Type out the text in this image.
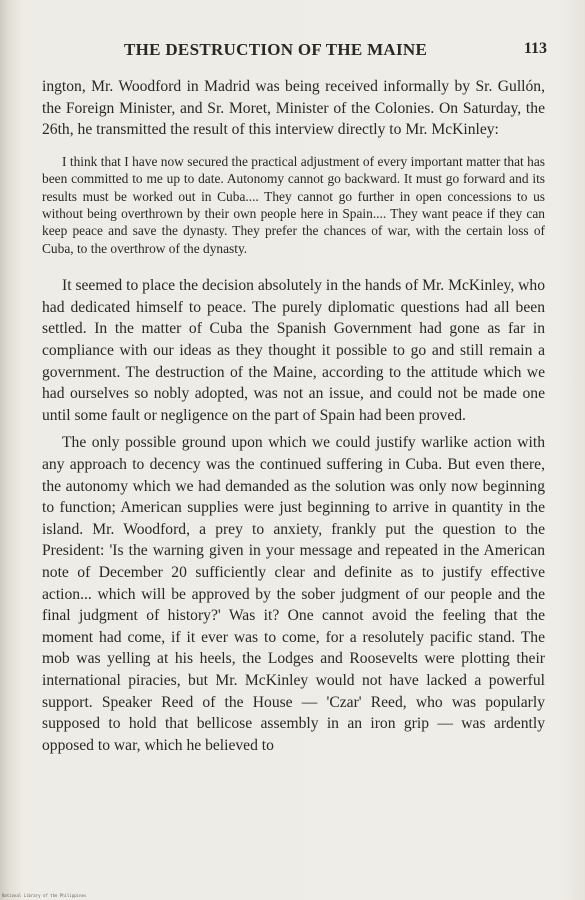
THE DESTRUCTION OF THE MAINE	113

ington, Mr. Woodford in Madrid was being received informally by Sr. Gullón, the Foreign Minister, and Sr. Moret, Minister of the Colonies. On Saturday, the 26th, he transmitted the result of this interview directly to Mr. McKinley:

I think that I have now secured the practical adjustment of every important matter that has been committed to me up to date. Autonomy cannot go backward. It must go forward and its results must be worked out in Cuba.... They cannot go further in open concessions to us without being overthrown by their own people here in Spain.... They want peace if they can keep peace and save the dynasty. They prefer the chances of war, with the certain loss of Cuba, to the overthrow of the dynasty.

It seemed to place the decision absolutely in the hands of Mr. McKinley, who had dedicated himself to peace. The purely diplomatic questions had all been settled. In the matter of Cuba the Spanish Government had gone as far in compliance with our ideas as they thought it possible to go and still remain a government. The destruction of the Maine, according to the attitude which we had ourselves so nobly adopted, was not an issue, and could not be made one until some fault or negligence on the part of Spain had been proved.

The only possible ground upon which we could justify warlike action with any approach to decency was the continued suffering in Cuba. But even there, the autonomy which we had demanded as the solution was only now beginning to function; American supplies were just beginning to arrive in quantity in the island. Mr. Woodford, a prey to anxiety, frankly put the question to the President: 'Is the warning given in your message and repeated in the American note of December 20 sufficiently clear and definite as to justify effective action... which will be approved by the sober judgment of our people and the final judgment of history?' Was it? One cannot avoid the feeling that the moment had come, if it ever was to come, for a resolutely pacific stand. The mob was yelling at his heels, the Lodges and Roosevelts were plotting their international piracies, but Mr. McKinley would not have lacked a powerful support. Speaker Reed of the House — 'Czar' Reed, who was popularly supposed to hold that bellicose assembly in an iron grip — was ardently opposed to war, which he believed to

National Library of the Philippines
